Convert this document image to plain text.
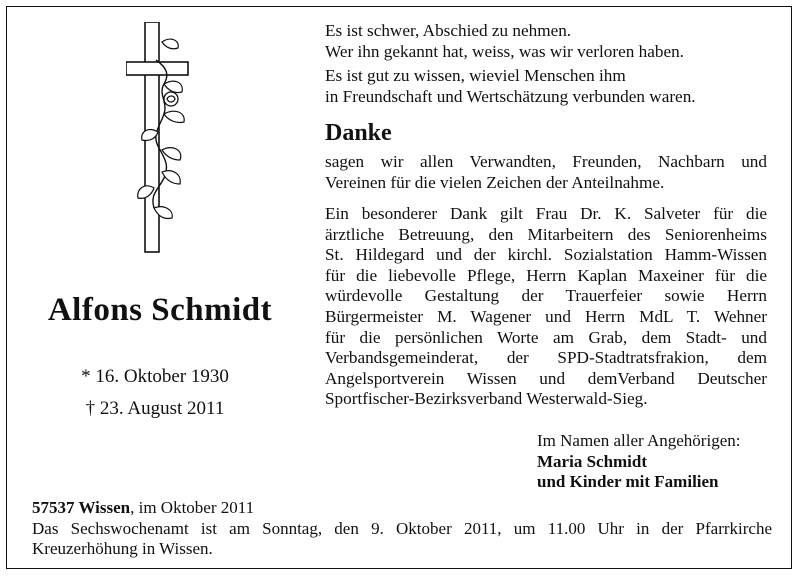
Alfons Schmidt
* 16. Oktober 1930
† 23. August 2011
Es ist schwer, Abschied zu nehmen.
Wer ihn gekannt hat, weiss, was wir verloren haben.
Es ist gut zu wissen, wieviel Menschen ihm
in Freundschaft und Wertschätzung verbunden waren.
Danke
sagen wir allen Verwandten, Freunden, Nachbarn und
Vereinen für die vielen Zeichen der Anteilnahme.
Ein besonderer Dank gilt Frau Dr. K. Salveter für die
ärztliche Betreuung, den Mitarbeitern des Seniorenheims
St. Hildegard und der kirchl. Sozialstation Hamm-Wissen
für die liebevolle Pflege, Herrn Kaplan Maxeiner für die
würdevolle Gestaltung der Trauerfeier sowie Herrn
Bürgermeister M. Wagener und Herrn MdL T. Wehner
für die persönlichen Worte am Grab, dem Stadt- und
Verbandsgemeinderat, der SPD-Stadtratsfrakion, dem
Angelsportverein Wissen und demVerband Deutscher
Sportfischer-Bezirksverband Westerwald-Sieg.
Im Namen aller Angehörigen:
Maria Schmidt
und Kinder mit Familien
57537 Wissen, im Oktober 2011
Das Sechswochenamt ist am Sonntag, den 9. Oktober 2011, um 11.00 Uhr in der Pfarrkirche
Kreuzerhöhung in Wissen.
